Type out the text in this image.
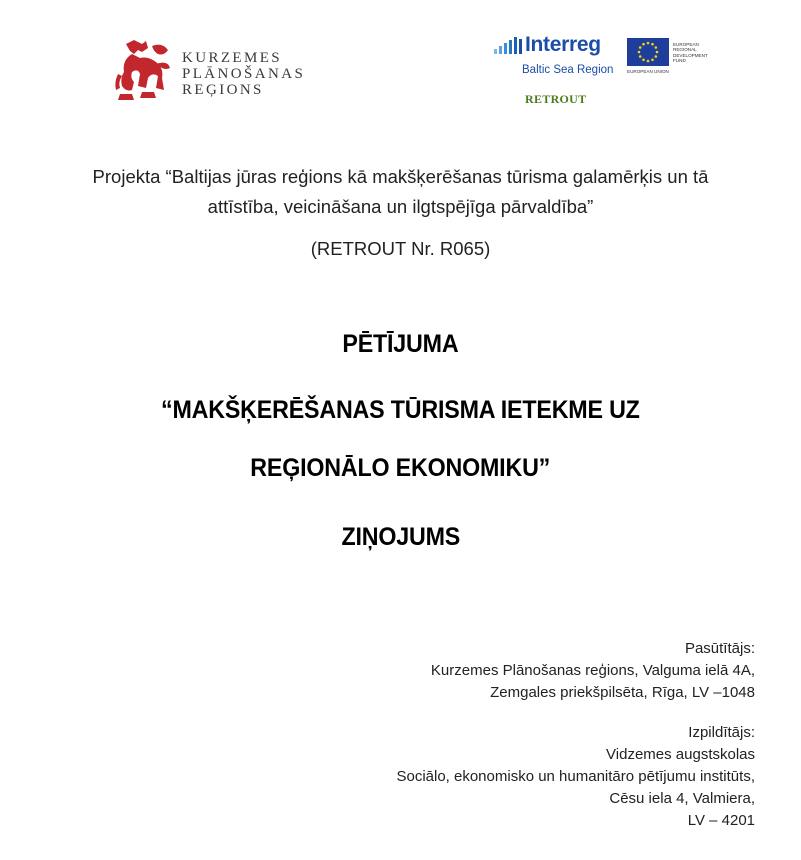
KURZEMES
PLĀNOŠANAS
REĢIONS
Interreg
Baltic Sea Region
EUROPEAN
REGIONAL
DEVELOPMENT
FUND
EUROPEAN UNION
RETROUT
Projekta “Baltijas jūras reģions kā makšķerēšanas tūrisma galamērķis un tā
attīstība, veicināšana un ilgtspējīga pārvaldība”
(RETROUT Nr. R065)
PĒTĪJUMA
“MAKŠĶERĒŠANAS TŪRISMA IETEKME UZ
REĢIONĀLO EKONOMIKU”
ZIŅOJUMS
Pasūtītājs:
Kurzemes Plānošanas reģions, Valguma ielā 4A,
Zemgales priekšpilsēta, Rīga, LV –1048
Izpildītājs:
Vidzemes augstskolas
Sociālo, ekonomisko un humanitāro pētījumu institūts,
Cēsu iela 4, Valmiera,
LV – 4201
